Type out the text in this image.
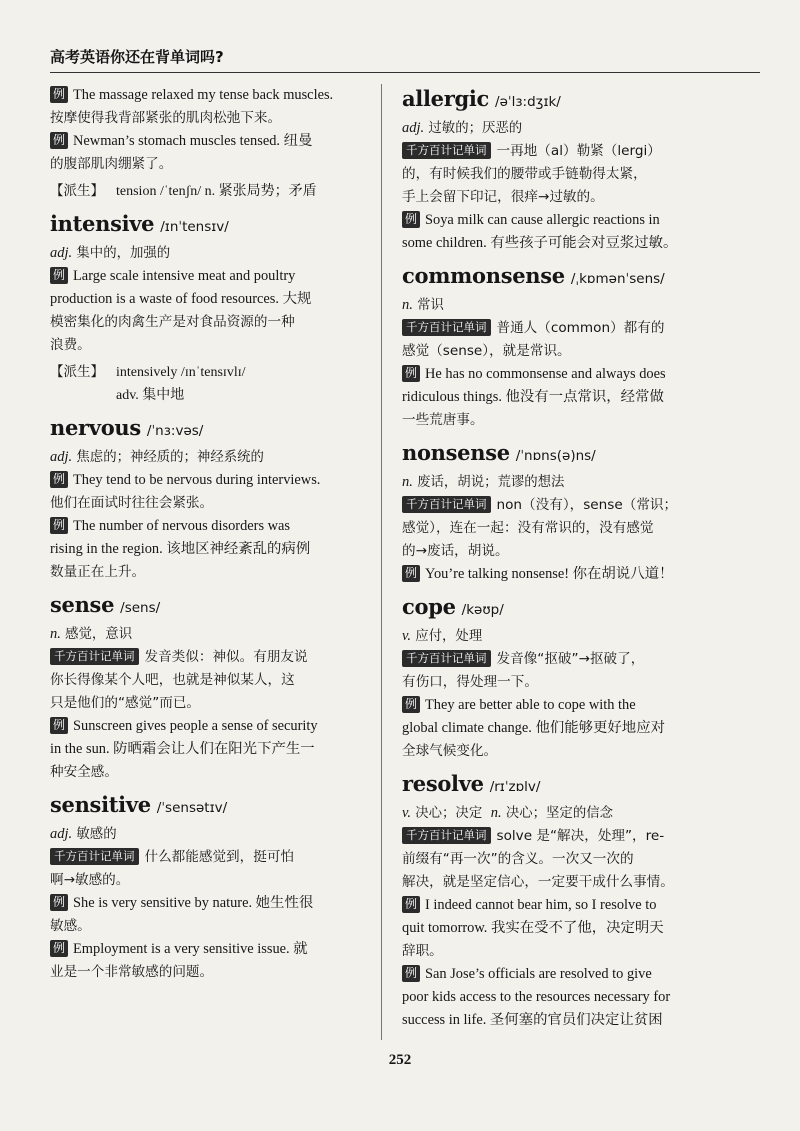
高考英语你还在背单词吗?
例 The massage relaxed my tense back muscles.
按摩使得我背部紧张的肌肉松弛下来。
例 Newman’s stomach muscles tensed. 纽曼
的腹部肌肉绷紧了。
【派生】 tension /ˈtenʃn/ n. 紧张局势；矛盾
intensive /ɪnˈtensɪv/
adj. 集中的，加强的
例 Large scale intensive meat and poultry
production is a waste of food resources. 大规
模密集化的肉禽生产是对食品资源的一种
浪费。
【派生】 intensively /ɪnˈtensɪvlɪ/
adv. 集中地
nervous /ˈnɜ:vəs/
adj. 焦虑的；神经质的；神经系统的
例 They tend to be nervous during interviews.
他们在面试时往往会紧张。
例 The number of nervous disorders was
rising in the region. 该地区神经紊乱的病例
数量正在上升。
sense /sens/
n. 感觉，意识
千方百计记单词 发音类似：神似。有朋友说
你长得像某个人吧，也就是神似某人，这
只是他们的“感觉”而已。
例 Sunscreen gives people a sense of security
in the sun. 防晒霜会让人们在阳光下产生一
种安全感。
sensitive /ˈsensətɪv/
adj. 敏感的
千方百计记单词 什么都能感觉到，挺可怕
啊→敏感的。
例 She is very sensitive by nature. 她生性很
敏感。
例 Employment is a very sensitive issue. 就
业是一个非常敏感的问题。
allergic /əˈlɜ:dʒɪk/
adj. 过敏的；厌恶的
千方百计记单词 一再地（al）勒紧（lergi）
的，有时候我们的腰带或手链勒得太紧，
手上会留下印记，很痒→过敏的。
例 Soya milk can cause allergic reactions in
some children. 有些孩子可能会对豆浆过敏。
commonsense /ˌkɒmənˈsens/
n. 常识
千方百计记单词 普通人（common）都有的
感觉（sense），就是常识。
例 He has no commonsense and always does
ridiculous things. 他没有一点常识，经常做
一些荒唐事。
nonsense /ˈnɒns(ə)ns/
n. 废话，胡说；荒谬的想法
千方百计记单词 non（没有），sense（常识；
感觉），连在一起：没有常识的，没有感觉
的→废话，胡说。
例 You’re talking nonsense! 你在胡说八道！
cope /kəʊp/
v. 应付，处理
千方百计记单词 发音像“抠破”→抠破了，
有伤口，得处理一下。
例 They are better able to cope with the
global climate change. 他们能够更好地应对
全球气候变化。
resolve /rɪˈzɒlv/
v. 决心；决定 n. 决心；坚定的信念
千方百计记单词 solve 是“解决，处理”，re-
前缀有“再一次”的含义。一次又一次的
解决，就是坚定信心，一定要干成什么事情。
例 I indeed cannot bear him, so I resolve to
quit tomorrow. 我实在受不了他，决定明天
辞职。
例 San Jose’s officials are resolved to give
poor kids access to the resources necessary for
success in life. 圣何塞的官员们决定让贫困
252
